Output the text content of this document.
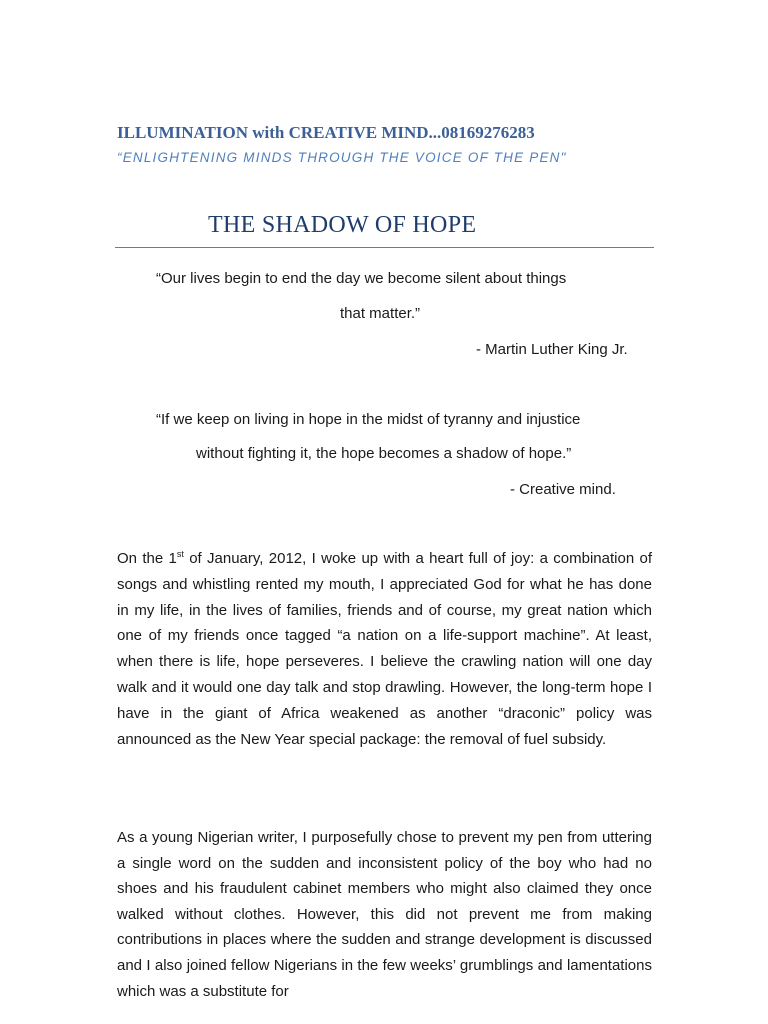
ILLUMINATION with CREATIVE MIND...08169276283
“ENLIGHTENING MINDS THROUGH THE VOICE OF THE PEN"
THE SHADOW OF HOPE
“Our lives begin to end the day we become silent about things
that matter.”
- Martin Luther King Jr.
“If we keep on living in hope in the midst of tyranny and injustice
without fighting it, the hope becomes a shadow of hope.”
- Creative mind.

On the 1st of January, 2012, I woke up with a heart full of joy: a combination of songs and whistling rented my mouth, I appreciated God for what he has done in my life, in the lives of families, friends and of course, my great nation which one of my friends once tagged “a nation on a life-support machine”. At least, when there is life, hope perseveres. I believe the crawling nation will one day walk and it would one day talk and stop drawling. However, the long-term hope I have in the giant of Africa weakened as another “draconic” policy was announced as the New Year special package: the removal of fuel subsidy.

As a young Nigerian writer, I purposefully chose to prevent my pen from uttering a single word on the sudden and inconsistent policy of the boy who had no shoes and his fraudulent cabinet members who might also claimed they once walked without clothes. However, this did not prevent me from making contributions in places where the sudden and strange development is discussed and I also joined fellow Nigerians in the few weeks’ grumblings and lamentations which was a substitute for
